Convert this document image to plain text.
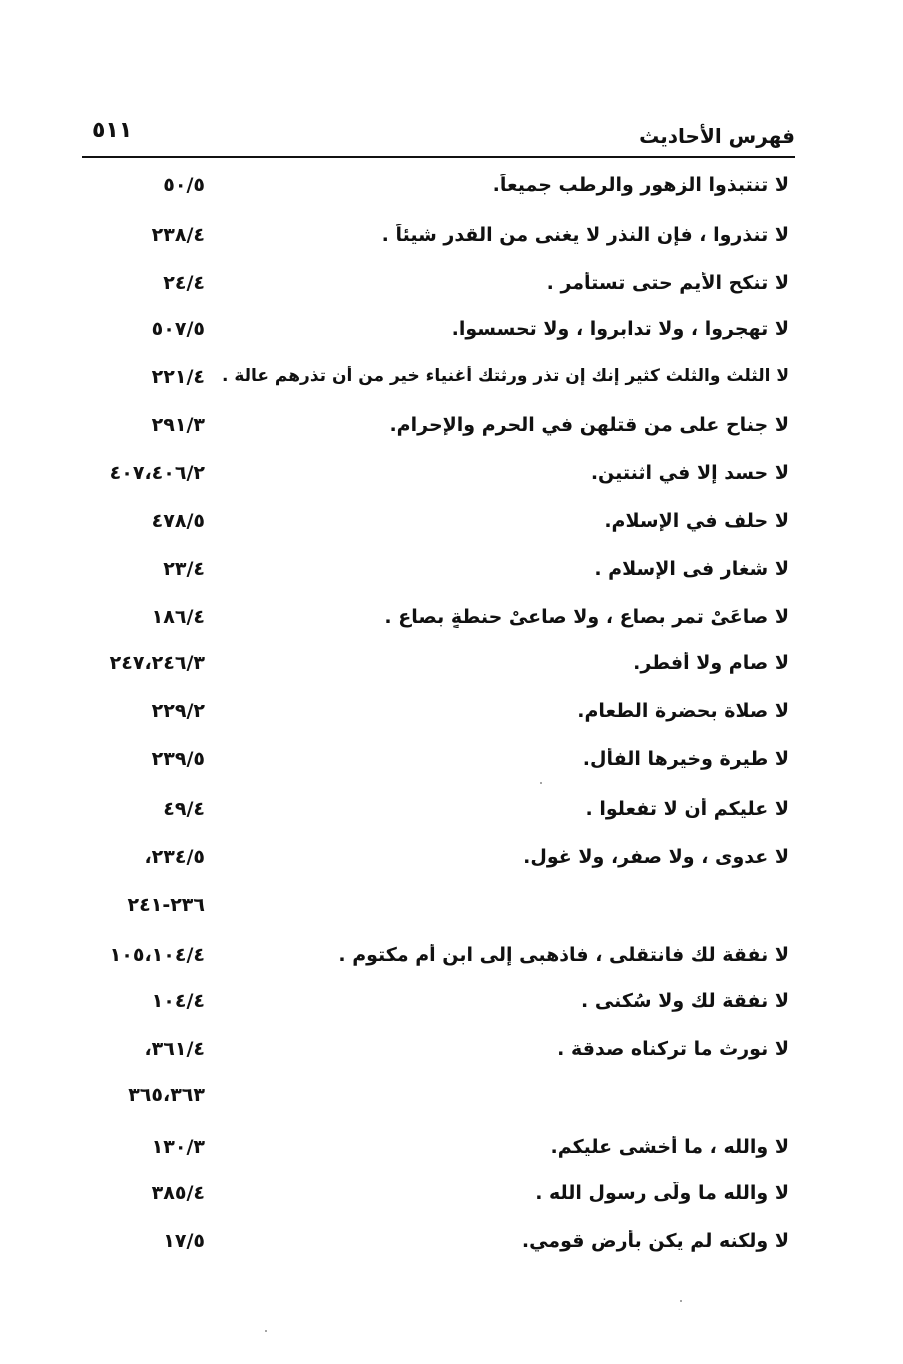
٥١١	فهرس الأحاديث
لا تنتبذوا الزهور والرطب جميعاً.
٥٠/٥
لا تنذروا ، فإن النذر لا يغنى من القدر شيئاً .
٢٣٨/٤
لا تنكح الأيم حتى تستأمر .
٢٤/٤
لا تهجروا ، ولا تدابروا ، ولا تحسسوا.
٥٠٧/٥
لا الثلث والثلث كثير إنك إن تذر ورثتك أغنياء خير من أن تذرهم عالة .
٢٢١/٤
لا جناح على من قتلهن في الحرم والإحرام.
٢٩١/٣
لا حسد إلا في اثنتين.
٤٠٧،٤٠٦/٢
لا حلف في الإسلام.
٤٧٨/٥
لا شغار فى الإسلام .
٢٣/٤
لا صاعَىْ تمرٍ بصاع ، ولا صاعىْ حنطةٍ بصاع .
١٨٦/٤
لا صام ولا أفطر.
٢٤٧،٢٤٦/٣
لا صلاة بحضرة الطعام.
٢٢٩/٢
لا طيرة وخيرها الفأل.
٢٣٩/٥
لا عليكم أن لا تفعلوا .
٤٩/٤
لا عدوى ، ولا صفر، ولا غول.
٢٣٤/٥،
٢٣٦-٢٤١
لا نفقة لك فانتقلى ، فاذهبى إلى ابن أم مكتوم .
١٠٥،١٠٤/٤
لا نفقة لك ولا سُكنى .
١٠٤/٤
لا نورث ما تركناه صدقة .
٣٦١/٤،
٣٦٥،٣٦٣
لا والله ، ما أخشى عليكم.
١٣٠/٣
لا والله ما ولّى رسول الله .
٣٨٥/٤
لا ولكنه لم يكن بأرض قومي.
١٧/٥
